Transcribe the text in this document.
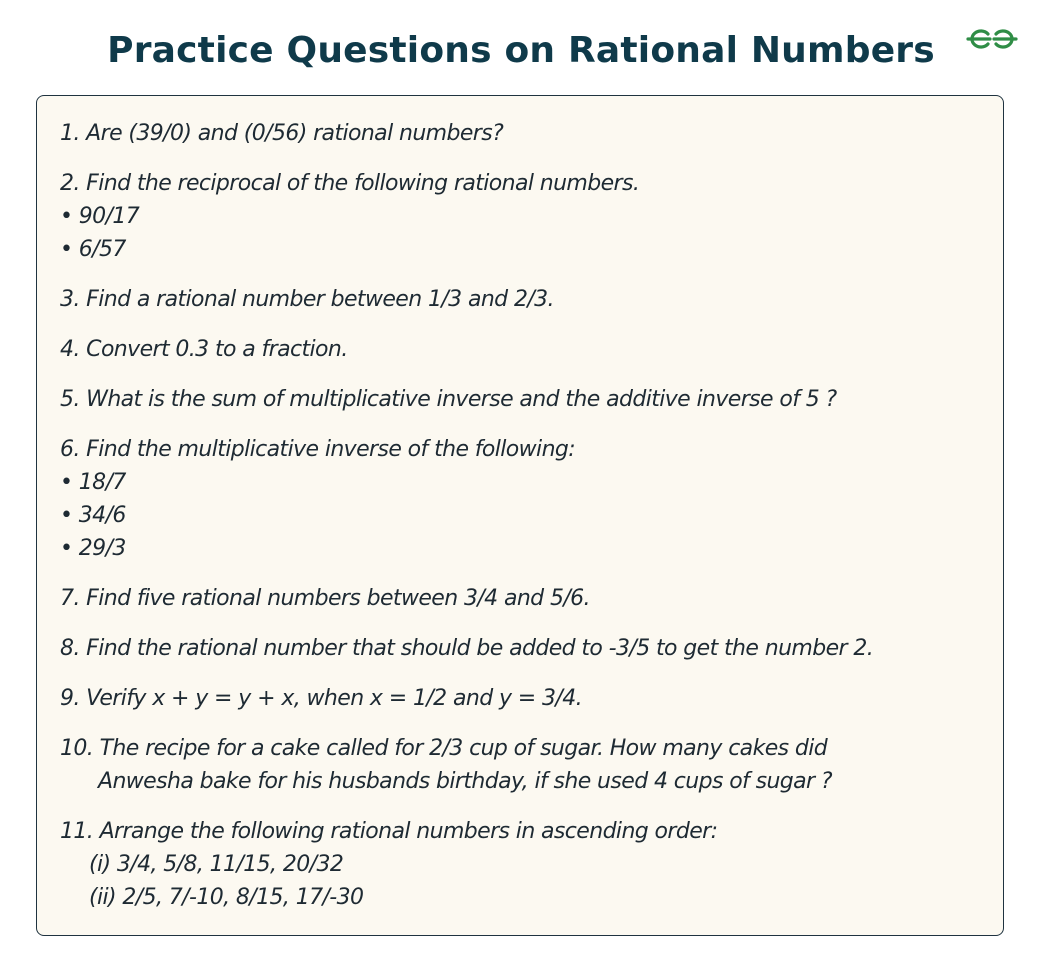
Practice Questions on Rational Numbers
1. Are (39/0) and (0/56) rational numbers?
2. Find the reciprocal of the following rational numbers.
• 90/17
• 6/57
3. Find a rational number between 1/3 and 2/3.
4. Convert 0.3 to a fraction.
5. What is the sum of multiplicative inverse and the additive inverse of 5 ?
6. Find the multiplicative inverse of the following:
• 18/7
• 34/6
• 29/3
7. Find five rational numbers between 3/4 and 5/6.
8. Find the rational number that should be added to -3/5 to get the number 2.
9. Verify x + y = y + x, when x = 1/2 and y = 3/4.
10. The recipe for a cake called for 2/3 cup of sugar. How many cakes did
Anwesha bake for his husbands birthday, if she used 4 cups of sugar ?
11. Arrange the following rational numbers in ascending order:
(i) 3/4, 5/8, 11/15, 20/32
(ii) 2/5, 7/-10, 8/15, 17/-30
